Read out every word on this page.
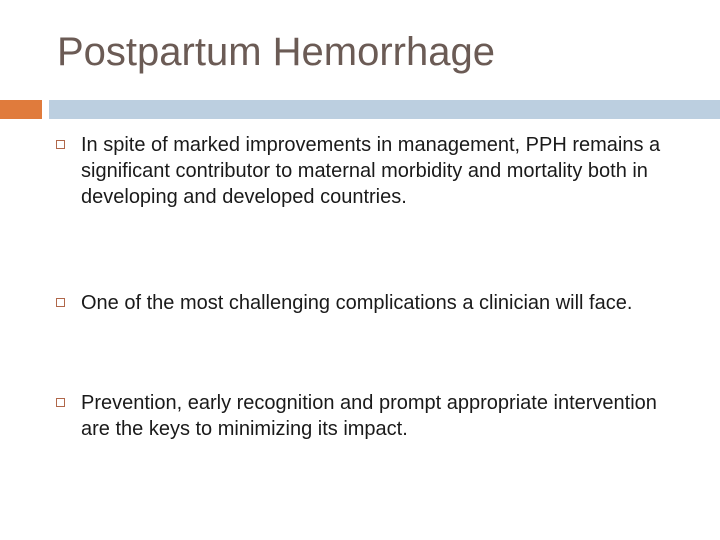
Postpartum Hemorrhage
In spite of marked improvements in management, PPH remains a significant contributor to maternal morbidity and mortality both in developing and developed countries.
One of the most challenging complications a clinician will face.
Prevention, early recognition and prompt appropriate intervention are the keys to minimizing its impact.
